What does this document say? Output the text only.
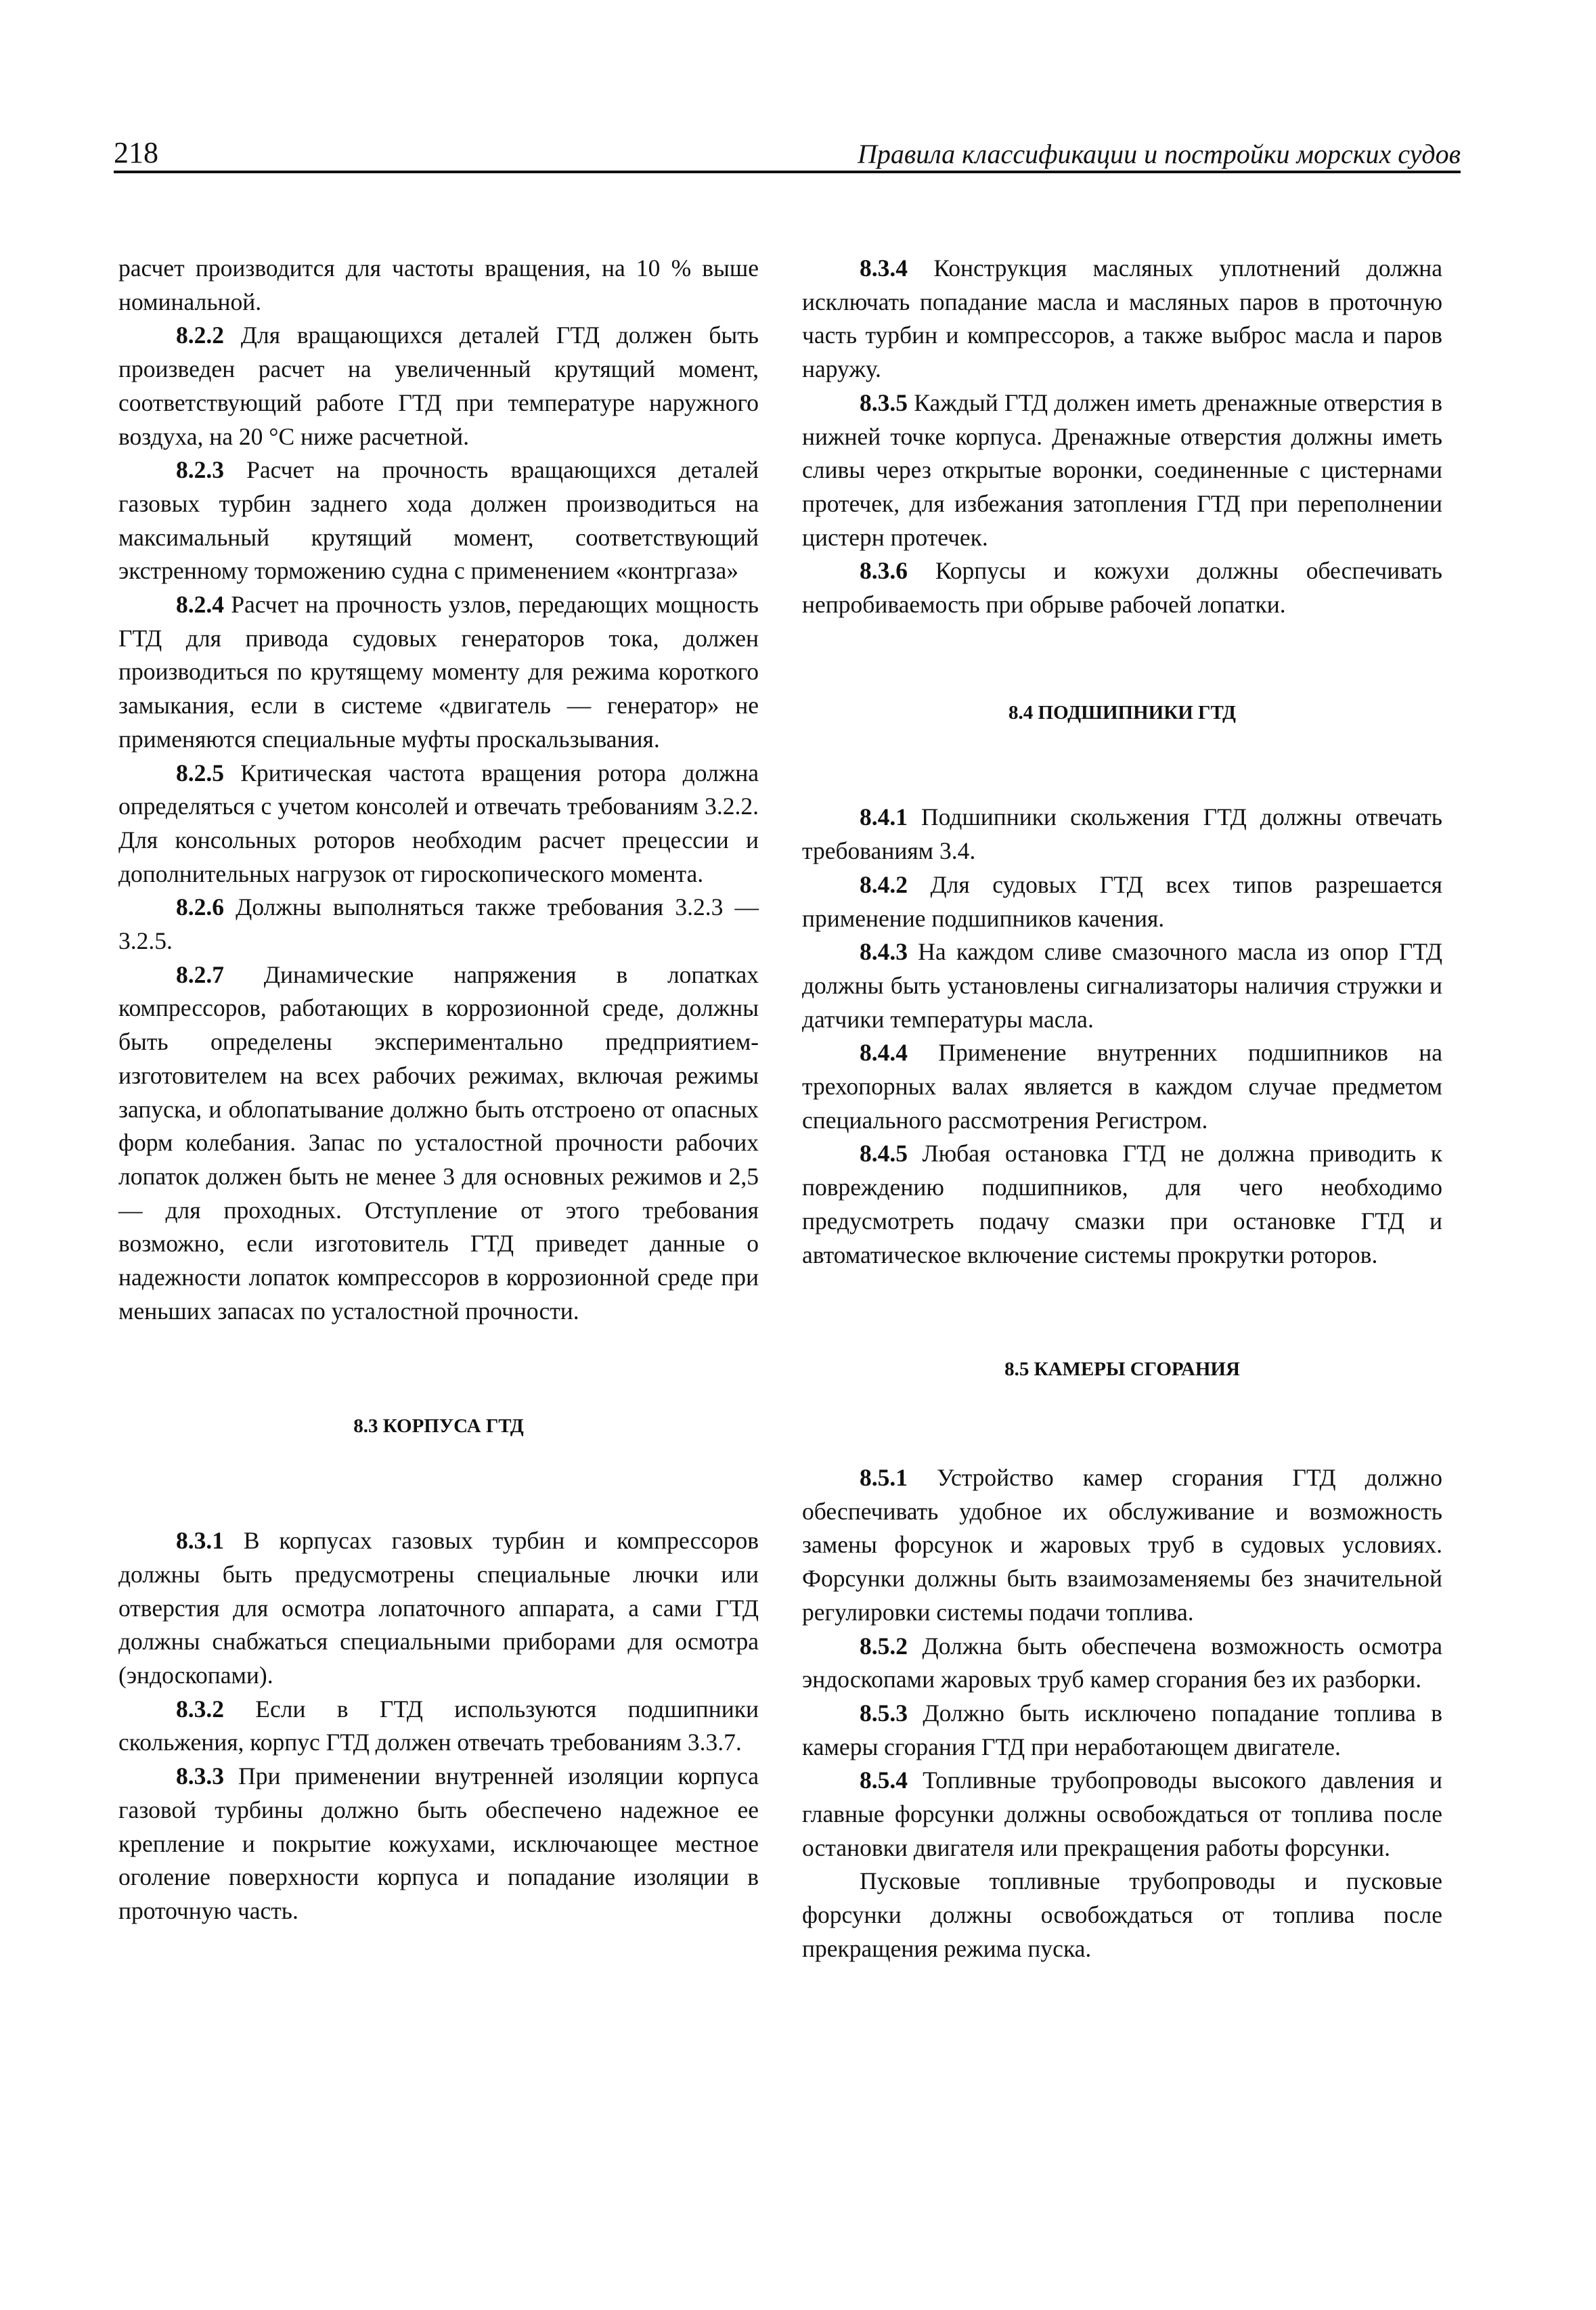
218	Правила классификации и постройки морских судов

расчет производится для частоты вращения, на 10 % выше номинальной.

8.2.2 Для вращающихся деталей ГТД должен быть произведен расчет на увеличенный крутящий момент, соответствующий работе ГТД при температуре наружного воздуха, на 20 °С ниже расчетной.

8.2.3 Расчет на прочность вращающихся деталей газовых турбин заднего хода должен производиться на максимальный крутящий момент, соответствующий экстренному торможению судна с применением «контргаза»

8.2.4 Расчет на прочность узлов, передающих мощность ГТД для привода судовых генераторов тока, должен производиться по крутящему моменту для режима короткого замыкания, если в системе «двигатель — генератор» не применяются специальные муфты проскальзывания.

8.2.5 Критическая частота вращения ротора должна определяться с учетом консолей и отвечать требованиям 3.2.2. Для консольных роторов необходим расчет прецессии и дополнительных нагрузок от гироскопического момента.

8.2.6 Должны выполняться также требования 3.2.3 — 3.2.5.

8.2.7 Динамические напряжения в лопатках компрессоров, работающих в коррозионной среде, должны быть определены экспериментально предприятием-изготовителем на всех рабочих режимах, включая режимы запуска, и облопатывание должно быть отстроено от опасных форм колебания. Запас по усталостной прочности рабочих лопаток должен быть не менее 3 для основных режимов и 2,5 — для проходных. Отступление от этого требования возможно, если изготовитель ГТД приведет данные о надежности лопаток компрессоров в коррозионной среде при меньших запасах по усталостной прочности.

8.3 КОРПУСА ГТД

8.3.1 В корпусах газовых турбин и компрессоров должны быть предусмотрены специальные лючки или отверстия для осмотра лопаточного аппарата, а сами ГТД должны снабжаться специальными приборами для осмотра (эндоскопами).

8.3.2 Если в ГТД используются подшипники скольжения, корпус ГТД должен отвечать требованиям 3.3.7.

8.3.3 При применении внутренней изоляции корпуса газовой турбины должно быть обеспечено надежное ее крепление и покрытие кожухами, исключающее местное оголение поверхности корпуса и попадание изоляции в проточную часть.

8.3.4 Конструкция масляных уплотнений должна исключать попадание масла и масляных паров в проточную часть турбин и компрессоров, а также выброс масла и паров наружу.

8.3.5 Каждый ГТД должен иметь дренажные отверстия в нижней точке корпуса. Дренажные отверстия должны иметь сливы через открытые воронки, соединенные с цистернами протечек, для избежания затопления ГТД при переполнении цистерн протечек.

8.3.6 Корпусы и кожухи должны обеспечивать непробиваемость при обрыве рабочей лопатки.

8.4 ПОДШИПНИКИ ГТД

8.4.1 Подшипники скольжения ГТД должны отвечать требованиям 3.4.

8.4.2 Для судовых ГТД всех типов разрешается применение подшипников качения.

8.4.3 На каждом сливе смазочного масла из опор ГТД должны быть установлены сигнализаторы наличия стружки и датчики температуры масла.

8.4.4 Применение внутренних подшипников на трехопорных валах является в каждом случае предметом специального рассмотрения Регистром.

8.4.5 Любая остановка ГТД не должна приводить к повреждению подшипников, для чего необходимо предусмотреть подачу смазки при остановке ГТД и автоматическое включение системы прокрутки роторов.

8.5 КАМЕРЫ СГОРАНИЯ

8.5.1 Устройство камер сгорания ГТД должно обеспечивать удобное их обслуживание и возможность замены форсунок и жаровых труб в судовых условиях. Форсунки должны быть взаимозаменяемы без значительной регулировки системы подачи топлива.

8.5.2 Должна быть обеспечена возможность осмотра эндоскопами жаровых труб камер сгорания без их разборки.

8.5.3 Должно быть исключено попадание топлива в камеры сгорания ГТД при неработающем двигателе.

8.5.4 Топливные трубопроводы высокого давления и главные форсунки должны освобождаться от топлива после остановки двигателя или прекращения работы форсунки.

Пусковые топливные трубопроводы и пусковые форсунки должны освобождаться от топлива после прекращения режима пуска.
